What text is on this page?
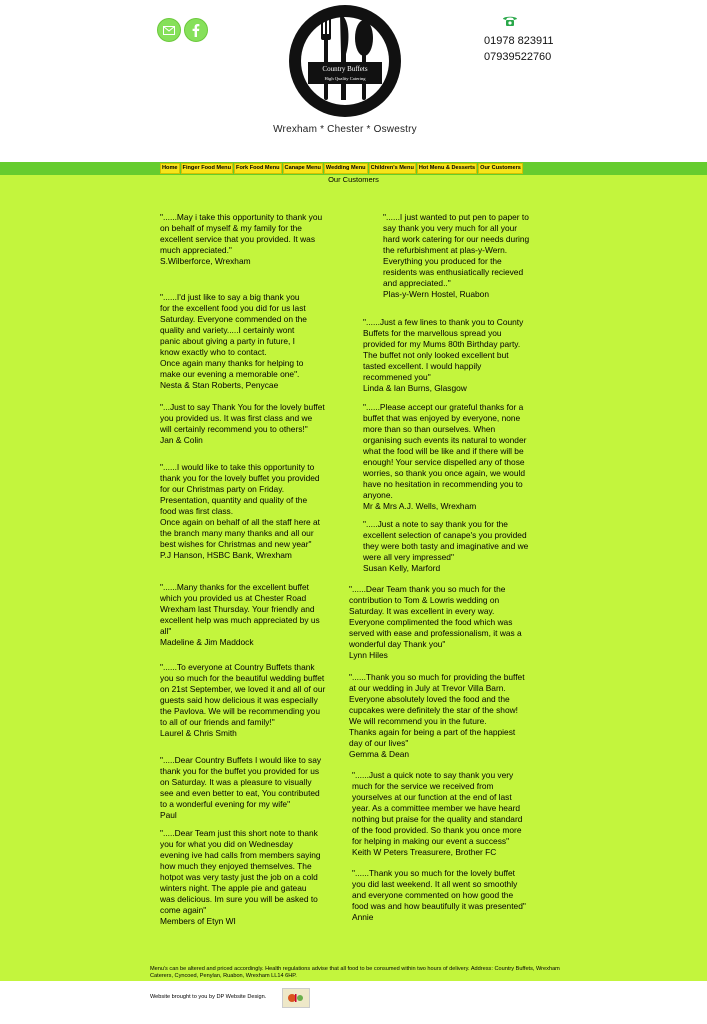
Country Buffets
High Quality Catering
Wrexham * Chester * Oswestry
01978 823911
07939522760
Home Finger Food Menu Fork Food Menu Canape Menu Wedding Menu Children's Menu Hot Menu & Desserts Our Customers
Our Customers
"......May i take this opportunity to thank you
on behalf of myself & my family for the
excellent service that you provided. It was
much appreciated."
S.Wilberforce, Wrexham
"......I'd just like to say a big thank you
for the excellent food you did for us last
Saturday. Everyone commended on the
quality and variety.....I certainly wont
panic about giving a party in future, I
know exactly who to contact.
Once again many thanks for helping to
make our evening a memorable one".
Nesta & Stan Roberts, Penycae
"...Just to say Thank You for the lovely buffet
you provided us. It was first class and we
will certainly recommend you to others!"
Jan & Colin
"......I would like to take this opportunity to
thank you for the lovely buffet you provided
for our Christmas party on Friday.
Presentation, quantity and quality of the
food was first class.
Once again on behalf of all the staff here at
the branch many many thanks and all our
best wishes for Christmas and new year"
P.J Hanson, HSBC Bank, Wrexham
"......Many thanks for the excellent buffet
which you provided us at Chester Road
Wrexham last Thursday. Your friendly and
excellent help was much appreciated by us
all"
Madeline & Jim Maddock
"......To everyone at Country Buffets thank
you so much for the beautiful wedding buffet
on 21st September, we loved it and all of our
guests said how delicious it was especially
the Pavlova. We will be recommending you
to all of our friends and family!"
Laurel & Chris Smith
".....Dear Country Buffets I would like to say
thank you for the buffet you provided for us
on Saturday. It was a pleasure to visually
see and even better to eat, You contributed
to a wonderful evening for my wife"
Paul
".....Dear Team just this short note to thank
you for what you did on Wednesday
evening ive had calls from members saying
how much they enjoyed themselves. The
hotpot was very tasty just the job on a cold
winters night. The apple pie and gateau
was delicious. Im sure you will be asked to
come again"
Members of Etyn WI
"......I just wanted to put pen to paper to
say thank you very much for all your
hard work catering for our needs during
the refurbishment at plas-y-Wern.
Everything you produced for the
residents was enthusiatically recieved
and appreciated.."
Plas-y-Wern Hostel, Ruabon
"......Just a few lines to thank you to County
Buffets for the marvellous spread you
provided for my Mums 80th Birthday party.
The buffet not only looked excellent but
tasted excellent. I would happily
recommened you"
Linda & Ian Burns, Glasgow
"......Please accept our grateful thanks for a
buffet that was enjoyed by everyone, none
more than so than ourselves. When
organising such events its natural to wonder
what the food will be like and if there will be
enough! Your service dispelled any of those
worries, so thank you once again, we would
have no hesitation in recommending you to
anyone.
Mr & Mrs A.J. Wells, Wrexham
".....Just a note to say thank you for the
excellent selection of canape's you provided
they were both tasty and imaginative and we
were all very impressed"
Susan Kelly, Marford
"......Dear Team thank you so much for the
contribution to Tom & Lowris wedding on
Saturday. It was excellent in every way.
Everyone complimented the food which was
served with ease and professionalism, it was a
wonderful day Thank you"
Lynn Hiles
"......Thank you so much for providing the buffet
at our wedding in July at Trevor Villa Barn.
Everyone absolutely loved the food and the
cupcakes were definitely the star of the show!
We will recommend you in the future.
Thanks again for being a part of the happiest
day of our lives"
Gemma & Dean
"......Just a quick note to say thank you very
much for the service we received from
yourselves at our function at the end of last
year. As a committee member we have heard
nothing but praise for the quality and standard
of the food provided. So thank you once more
for helping in making our event a success"
Keith W Peters Treasurere, Brother FC
"......Thank you so much for the lovely buffet
you did last weekend. It all went so smoothly
and everyone commented on how good the
food was and how beautifully it was presented"
Annie
Menu's can be altered and priced accordingly. Health regulations advise that all food to be consumed within two hours of delivery. Address: Country Buffets, Wrexham Caterers, Cyncoed, Penylan, Ruabon, Wrexham LL14 6HP.
Website brought to you by DP Website Design.
